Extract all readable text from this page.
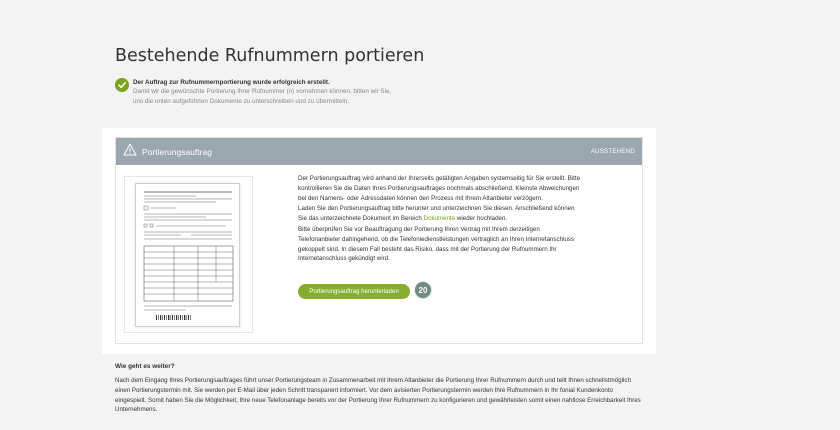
Bestehende Rufnummern portieren
Der Auftrag zur Rufnummernportierung wurde erfolgreich erstellt.
Damit wir die gewünschte Portierung Ihrer Rufnummer (n) vornehmen können, bitten wir Sie,
uns die unten aufgeführten Dokumente zu unterschreiben und zu übermitteln.
Portierungsauftrag	AUSSTEHEND

Der Portierungsauftrag wird anhand der Ihrerseits getätigten Angaben systemseitig für Sie erstellt. Bitte kontrollieren Sie die Daten Ihres Portierungsauftrages nochmals abschließend. Kleinste Abweichungen bei den Namens- oder Adressdaten können den Prozess mit Ihrem Altanbieter verzögern.

Laden Sie den Portierungsauftrag bitte herunter und unterzeichnen Sie diesen. Anschließend können Sie das unterzeichnete Dokument im Bereich Dokumente wieder hochladen.

Bitte überprüfen Sie vor Beauftragung der Portierung Ihren Vertrag mit Ihrem derzeitigen Telefonanbieter dahingehend, ob die Telefoniedienstleistungen vertraglich an Ihren Internetanschluss gekoppelt sind. In diesem Fall besteht das Risiko, dass mit der Portierung der Rufnummern Ihr Internetanschluss gekündigt wird.

Portierungsauftrag herunterladen	20

Wie geht es weiter?

Nach dem Eingang Ihres Portierungsauftrages führt unser Portierungsteam in Zusammenarbeit mit Ihrem Altanbieter die Portierung Ihrer Rufnummern durch und teilt Ihnen schnellstmöglich einen Portierungstermin mit. Sie werden per E-Mail über jeden Schritt transparent informiert. Vor dem avisierten Portierungstermin werden Ihre Rufnummern in Ihr fonial Kundenkonto eingespielt. Somit haben Sie die Möglichkeit, Ihre neue Telefonanlage bereits vor der Portierung Ihrer Rufnummern zu konfigurieren und gewährleisten somit einen nahtlose Erreichbarkeit Ihres Unternehmens.
